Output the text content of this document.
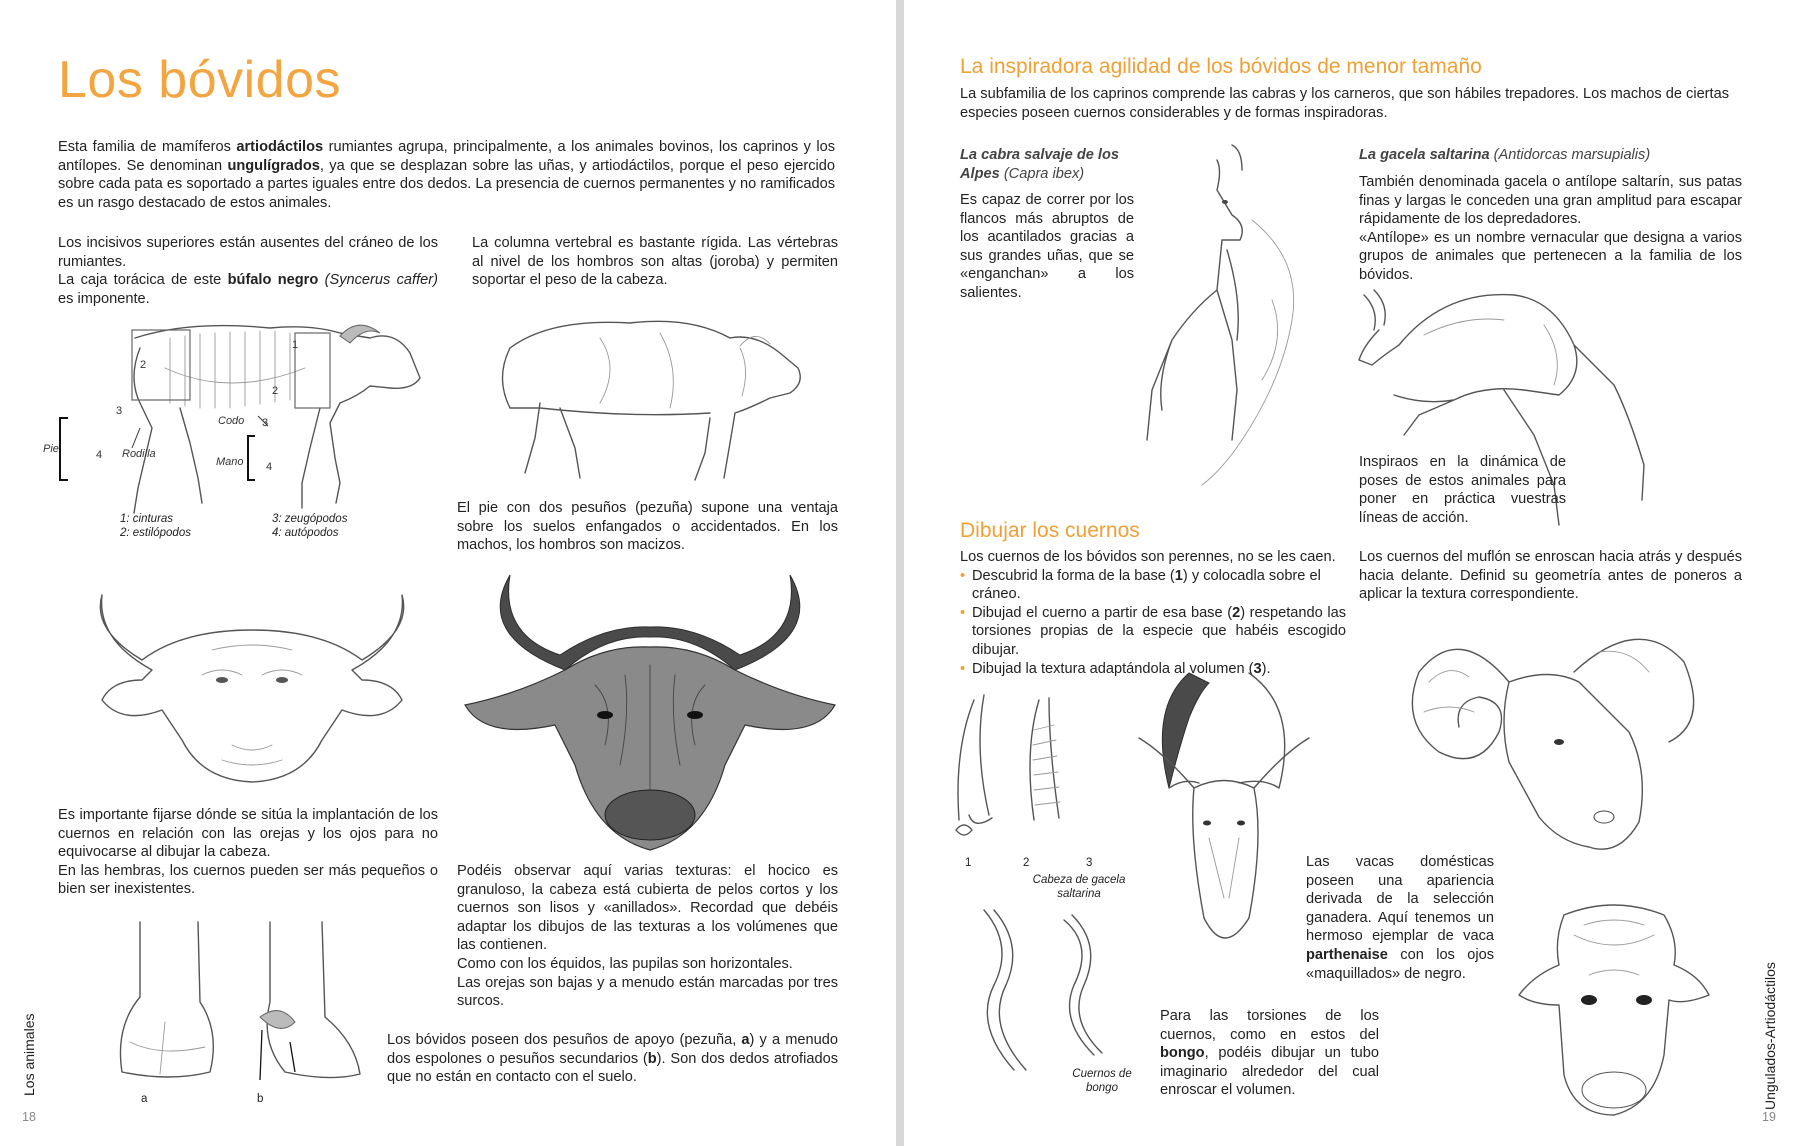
Los bóvidos
Esta familia de mamíferos artiodáctilos rumiantes agrupa, principalmente, a los animales bovinos, los caprinos y los antílopes. Se denominan ungulígrados, ya que se desplazan sobre las uñas, y artiodáctilos, porque el peso ejercido sobre cada pata es soportado a partes iguales entre dos dedos. La presencia de cuernos permanentes y no ramificados es un rasgo destacado de estos animales.
Los incisivos superiores están ausentes del cráneo de los rumiantes.
La caja torácica de este búfalo negro (Syncerus caffer) es imponente.
La columna vertebral es bastante rígida. Las vértebras al nivel de los hombros son altas (joroba) y permiten soportar el peso de la cabeza.
1
2
2
3
3
4
4
Pie	Rodilla
Codo
Mano
1: cinturas
2: estilópodos
3: zeugópodos
4: autópodos
El pie con dos pesuños (pezuña) supone una ventaja sobre los suelos enfangados o accidentados. En los machos, los hombros son macizos.
Es importante fijarse dónde se sitúa la implantación de los cuernos en relación con las orejas y los ojos para no equivocarse al dibujar la cabeza.
En las hembras, los cuernos pueden ser más pequeños o bien ser inexistentes.
Podéis observar aquí varias texturas: el hocico es granuloso, la cabeza está cubierta de pelos cortos y los cuernos son lisos y «anillados». Recordad que debéis adaptar los dibujos de las texturas a los volúmenes que las contienen.
Como con los équidos, las pupilas son horizontales.
Las orejas son bajas y a menudo están marcadas por tres surcos.
a	b
Los bóvidos poseen dos pesuños de apoyo (pezuña, a) y a menudo dos espolones o pesuños secundarios (b). Son dos dedos atrofiados que no están en contacto con el suelo.
Los animales
18
La inspiradora agilidad de los bóvidos de menor tamaño
La subfamilia de los caprinos comprende las cabras y los carneros, que son hábiles trepadores. Los machos de ciertas especies poseen cuernos considerables y de formas inspiradoras.
La cabra salvaje de los Alpes (Capra ibex)
Es capaz de correr por los flancos más abruptos de los acantilados gracias a sus grandes uñas, que se «enganchan» a los salientes.
La gacela saltarina (Antidorcas marsupialis)
También denominada gacela o antílope saltarín, sus patas finas y largas le conceden una gran amplitud para escapar rápidamente de los depredadores.
«Antílope» es un nombre vernacular que designa a varios grupos de animales que pertenecen a la familia de los bóvidos.
Inspiraos en la dinámica de poses de estos animales para poner en práctica vuestras líneas de acción.
Dibujar los cuernos
Los cuernos de los bóvidos son perennes, no se les caen.
• Descubrid la forma de la base (1) y colocadla sobre el cráneo.
• Dibujad el cuerno a partir de esa base (2) respetando las torsiones propias de la especie que habéis escogido dibujar.
• Dibujad la textura adaptándola al volumen (3).
Los cuernos del muflón se enroscan hacia atrás y después hacia delante. Definid su geometría antes de poneros a aplicar la textura correspondiente.
1	2	3
Cabeza de gacela saltarina
Cuernos de bongo
Para las torsiones de los cuernos, como en estos del bongo, podéis dibujar un tubo imaginario alrededor del cual enroscar el volumen.
Las vacas domésticas poseen una apariencia derivada de la selección ganadera. Aquí tenemos un hermoso ejemplar de vaca parthenaise con los ojos «maquillados» de negro.	Ungulados-Artiodáctilos
19
